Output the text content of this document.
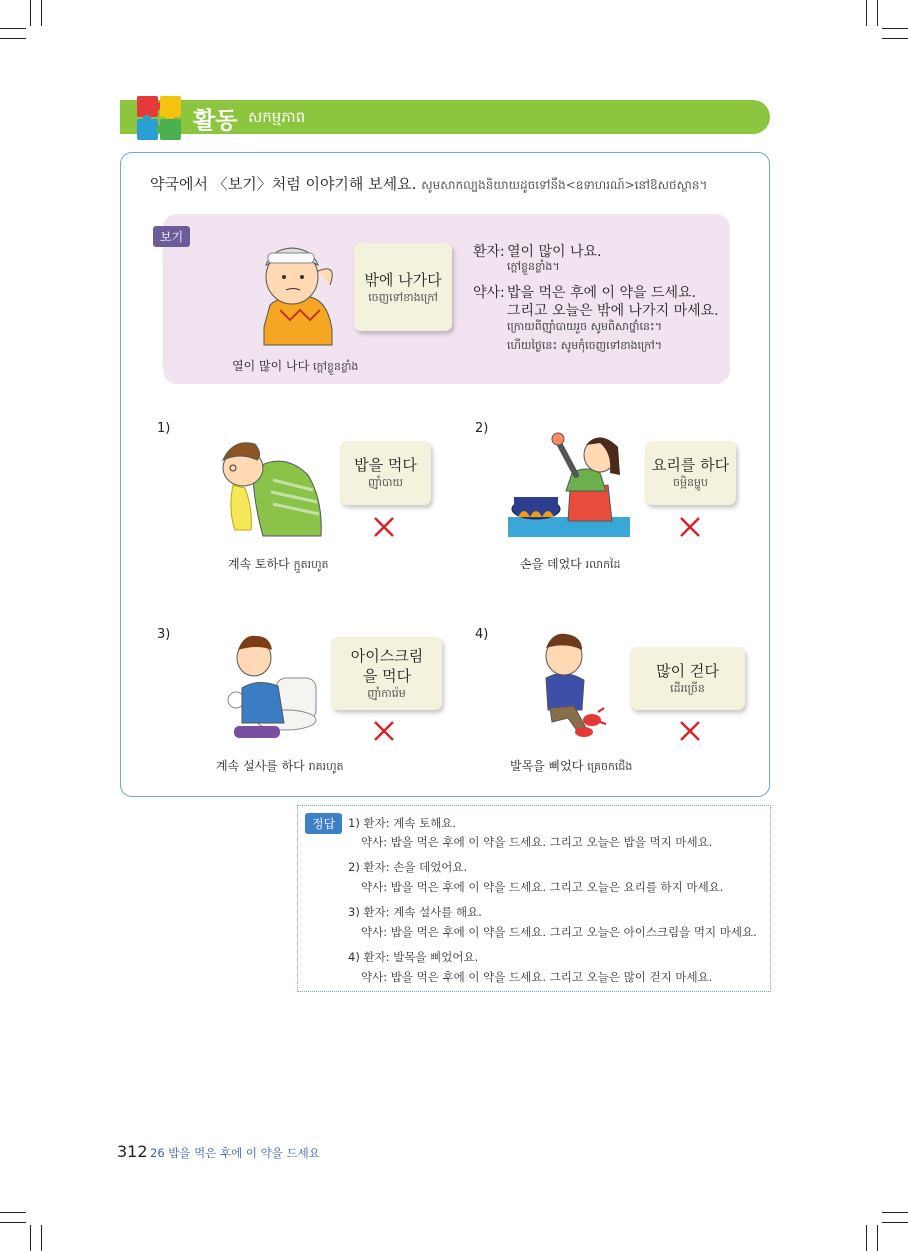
활동 សកម្មភាព
약국에서 〈보기〉처럼 이야기해 보세요. សូមសាកល្បងនិយាយដូចទៅនឹង<ឧទាហរណ៍>នៅឱសថស្ថាន។
보기
밖에 나가다
ចេញទៅខាងក្រៅ
열이 많이 나다 ក្តៅខ្លួនខ្លាំង
환자: 열이 많이 나요.
ក្តៅខ្លួនខ្លាំង។
약사: 밥을 먹은 후에 이 약을 드세요.
그리고 오늘은 밖에 나가지 마세요.
ក្រោយពីញ៉ាំបាយរួច សូមពិសាថ្នាំនេះ។
ហើយថ្ងៃនេះ សូមកុំចេញទៅខាងក្រៅ។
1)
밥을 먹다
ញ៉ាំបាយ
계속 토하다 ក្អួតរហូត
2)
요리를 하다
ចម្អិនម្ហូប
손을 데었다 រលាកដៃ
3)
아이스크림을 먹다
ញ៉ាំការ៉េម
계속 설사를 하다 រាគរហូត
4)
많이 걷다
ដើរច្រើន
발목을 삐었다 គ្រេចកជើង
정답	1) 환자: 계속 토해요.
약사: 밥을 먹은 후에 이 약을 드세요. 그리고 오늘은 밥을 먹지 마세요.
2) 환자: 손을 데었어요.
약사: 밥을 먹은 후에 이 약을 드세요. 그리고 오늘은 요리를 하지 마세요.
3) 환자: 계속 설사를 해요.
약사: 밥을 먹은 후에 이 약을 드세요. 그리고 오늘은 아이스크림을 먹지 마세요.
4) 환자: 발목을 삐었어요.
약사: 밥을 먹은 후에 이 약을 드세요. 그리고 오늘은 많이 걷지 마세요.
312 26 밥을 먹은 후에 이 약을 드세요
